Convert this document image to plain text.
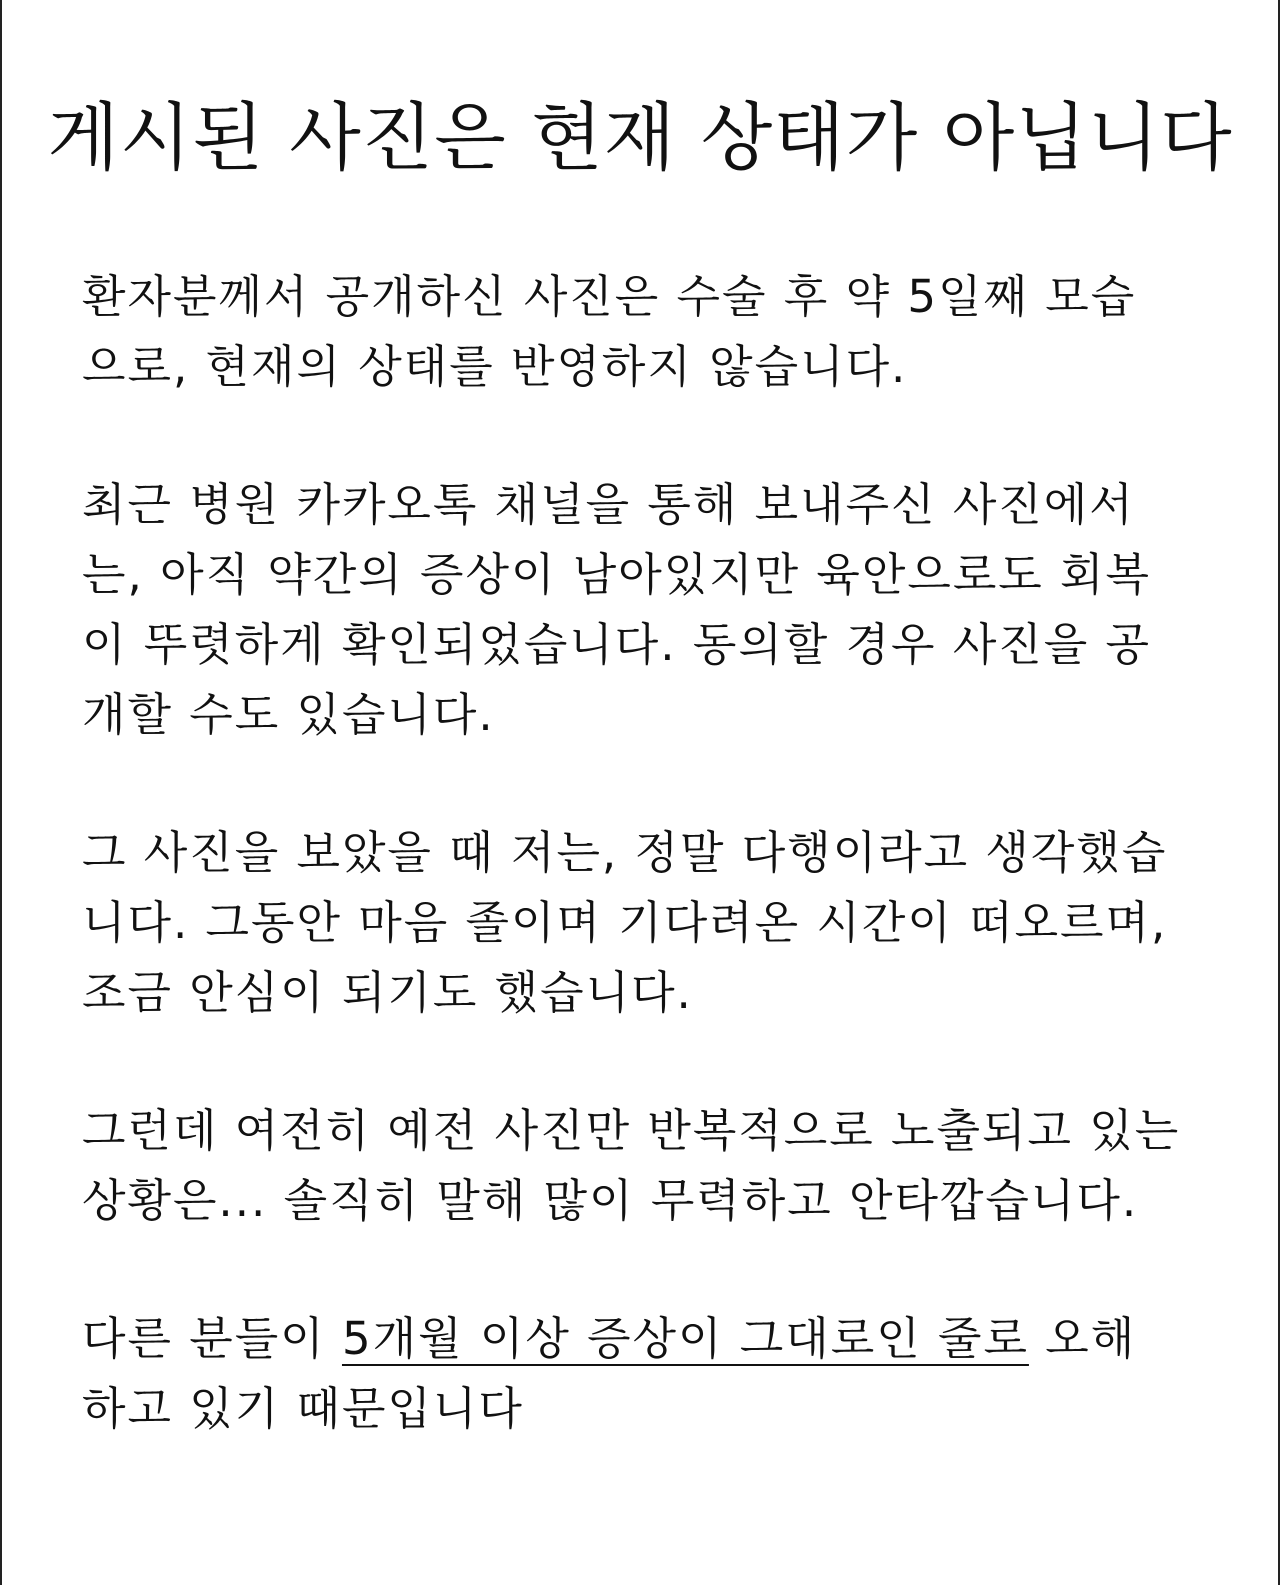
게시된 사진은 현재 상태가 아닙니다

환자분께서 공개하신 사진은 수술 후 약 5일째 모습
으로, 현재의 상태를 반영하지 않습니다.

최근 병원 카카오톡 채널을 통해 보내주신 사진에서
는, 아직 약간의 증상이 남아있지만 육안으로도 회복
이 뚜렷하게 확인되었습니다. 동의할 경우 사진을 공
개할 수도 있습니다.

그 사진을 보았을 때 저는, 정말 다행이라고 생각했습
니다. 그동안 마음 졸이며 기다려온 시간이 떠오르며,
조금 안심이 되기도 했습니다.

그런데 여전히 예전 사진만 반복적으로 노출되고 있는
상황은... 솔직히 말해 많이 무력하고 안타깝습니다.

다른 분들이 5개월 이상 증상이 그대로인 줄로 오해
하고 있기 때문입니다
